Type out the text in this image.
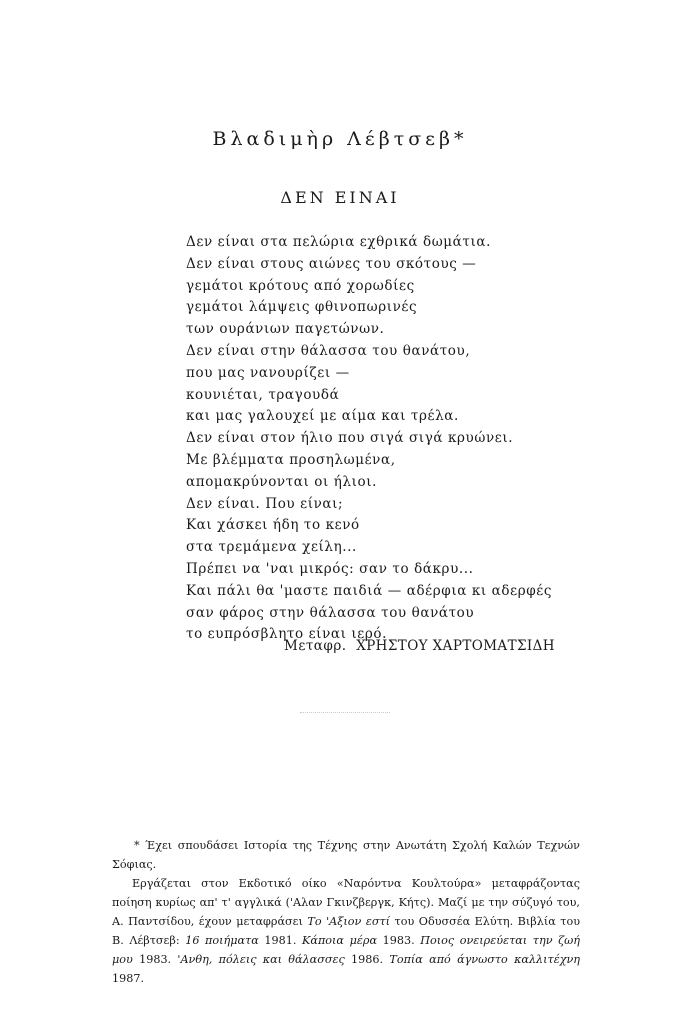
Βλαδιμὴρ Λέβτσεβ*
ΔΕΝ ΕΙΝΑΙ
Δεν είναι στα πελώρια εχθρικά δωμάτια.
Δεν είναι στους αιώνες του σκότους —
γεμάτοι κρότους από χορωδίες
γεμάτοι λάμψεις φθινοπωρινές
των ουράνιων παγετώνων.
Δεν είναι στην θάλασσα του θανάτου,
που μας νανουρίζει —
κουνιέται, τραγουδά
και μας γαλουχεί με αίμα και τρέλα.
Δεν είναι στον ήλιο που σιγά σιγά κρυώνει.
Με βλέμματα προσηλωμένα,
απομακρύνονται οι ήλιοι.
Δεν είναι. Που είναι;
Και χάσκει ήδη το κενό
στα τρεμάμενα χείλη...
Πρέπει να 'ναι μικρός: σαν το δάκρυ...
Και πάλι θα 'μαστε παιδιά — αδέρφια κι αδερφές
σαν φάρος στην θάλασσα του θανάτου
το ευπρόσβλητο είναι ιερό.
Μεταφρ. ΧΡΗΣΤΟΥ ΧΑΡΤΟΜΑΤΣΙΔΗ

* Έχει σπουδάσει Ιστορία της Τέχνης στην Ανωτάτη Σχολή Καλών Τεχνών Σόφιας.

Εργάζεται στον Εκδοτικό οίκο «Ναρόντνα Κουλτούρα» μεταφράζοντας ποίηση κυρίως απ' τ' αγγλικά ('Αλαν Γκινζβεργκ, Κήτς). Μαζί με την σύζυγό του, Α. Παντσίδου, έχουν μεταφράσει Το 'Αξιον εστί του Οδυσσέα Ελύτη. Βιβλία του Β. Λέβτσεβ: 16 ποιήματα 1981. Κάποια μέρα 1983. Ποιος ονειρεύεται την ζωή μου 1983. 'Ανθη, πόλεις και θάλασσες 1986. Τοπία από άγνωστο καλλιτέχνη 1987.
